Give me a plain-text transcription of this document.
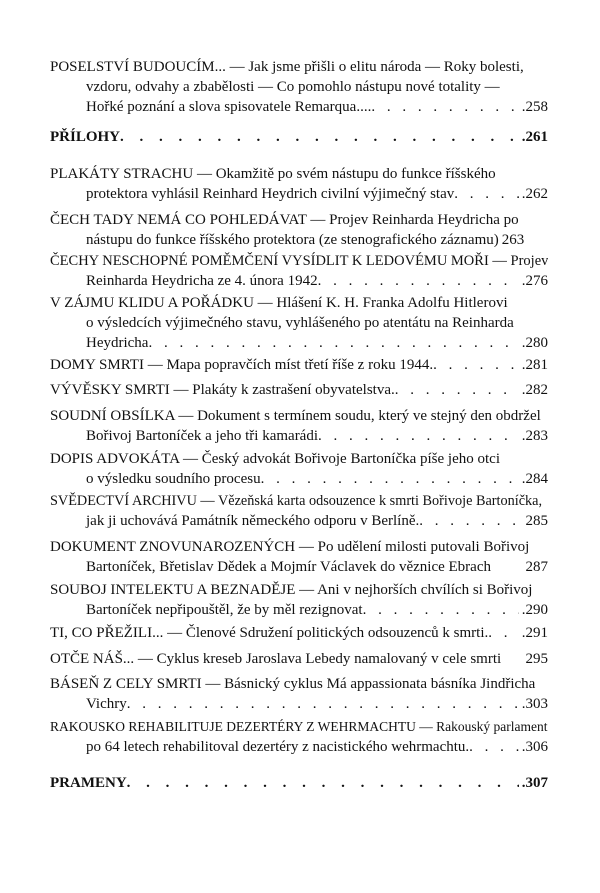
POSELSTVÍ BUDOUCÍM... — Jak jsme přišli o elitu národa — Roky bolesti,
vzdoru, odvahy a zbabělosti — Co pomohlo nástupu nové totality —
Hořké poznání a slova spisovatele Remarqua.... . . .	.258
PŘÍLOHY . . .	.261
PLAKÁTY STRACHU — Okamžitě po svém nástupu do funkce říšského
protektora vyhlásil Reinhard Heydrich civilní výjimečný stav . . .	.262
ČECH TADY NEMÁ CO POHLEDÁVAT — Projev Reinharda Heydricha po
nástupu do funkce říšského protektora (ze stenografického záznamu) 263
ČECHY NESCHOPNÉ POMĚMČENÍ VYSÍDLIT K LEDOVÉMU MOŘI — Projev
Reinharda Heydricha ze 4. února 1942 . . .	.276
V ZÁJMU KLIDU A POŘÁDKU — Hlášení K. H. Franka Adolfu Hitlerovi
o výsledcích výjimečného stavu, vyhlášeného po atentátu na Reinharda
Heydricha . . .	.280
DOMY SMRTI — Mapa popravčích míst třetí říše z roku 1944. . . .	.281
VÝVĚSKY SMRTI — Plakáty k zastrašení obyvatelstva. . . .	.282
SOUDNÍ OBSÍLKA — Dokument s termínem soudu, který ve stejný den obdržel
Bořivoj Bartoníček a jeho tři kamarádi . . .	.283
DOPIS ADVOKÁTA — Český advokát Bořivoje Bartoníčka píše jeho otci
o výsledku soudního procesu . . .	.284
SVĚDECTVÍ ARCHIVU — Vězeňská karta odsouzence k smrti Bořivoje Bartoníčka,
jak ji uchovává Památník německého odporu v Berlíně. . . .	285
DOKUMENT ZNOVUNAROZENÝCH — Po udělení milosti putovali Bořivoj
Bartoníček, Břetislav Dědek a Mojmír Václavek do věznice Ebrach 287
SOUBOJ INTELEKTU A BEZNADĚJE — Ani v nejhorších chvílích si Bořivoj
Bartoníček nepřipouštěl, že by měl rezignovat . . .	.290
TI, CO PŘEŽILI... — Členové Sdružení politických odsouzenců k smrti. . . . .291
OTČE NÁŠ... — Cyklus kreseb Jaroslava Lebedy namalovaný v cele smrti 295
BÁSEŇ Z CELY SMRTI — Básnický cyklus Má appassionata básníka Jindřicha
Vichry . . .	.303
RAKOUSKO REHABILITUJE DEZERTÉRY Z WEHRMACHTU — Rakouský parlament
po 64 letech rehabilitoval dezertéry z nacistického wehrmachtu. . . .	.306
PRAMENY . . .	.307
